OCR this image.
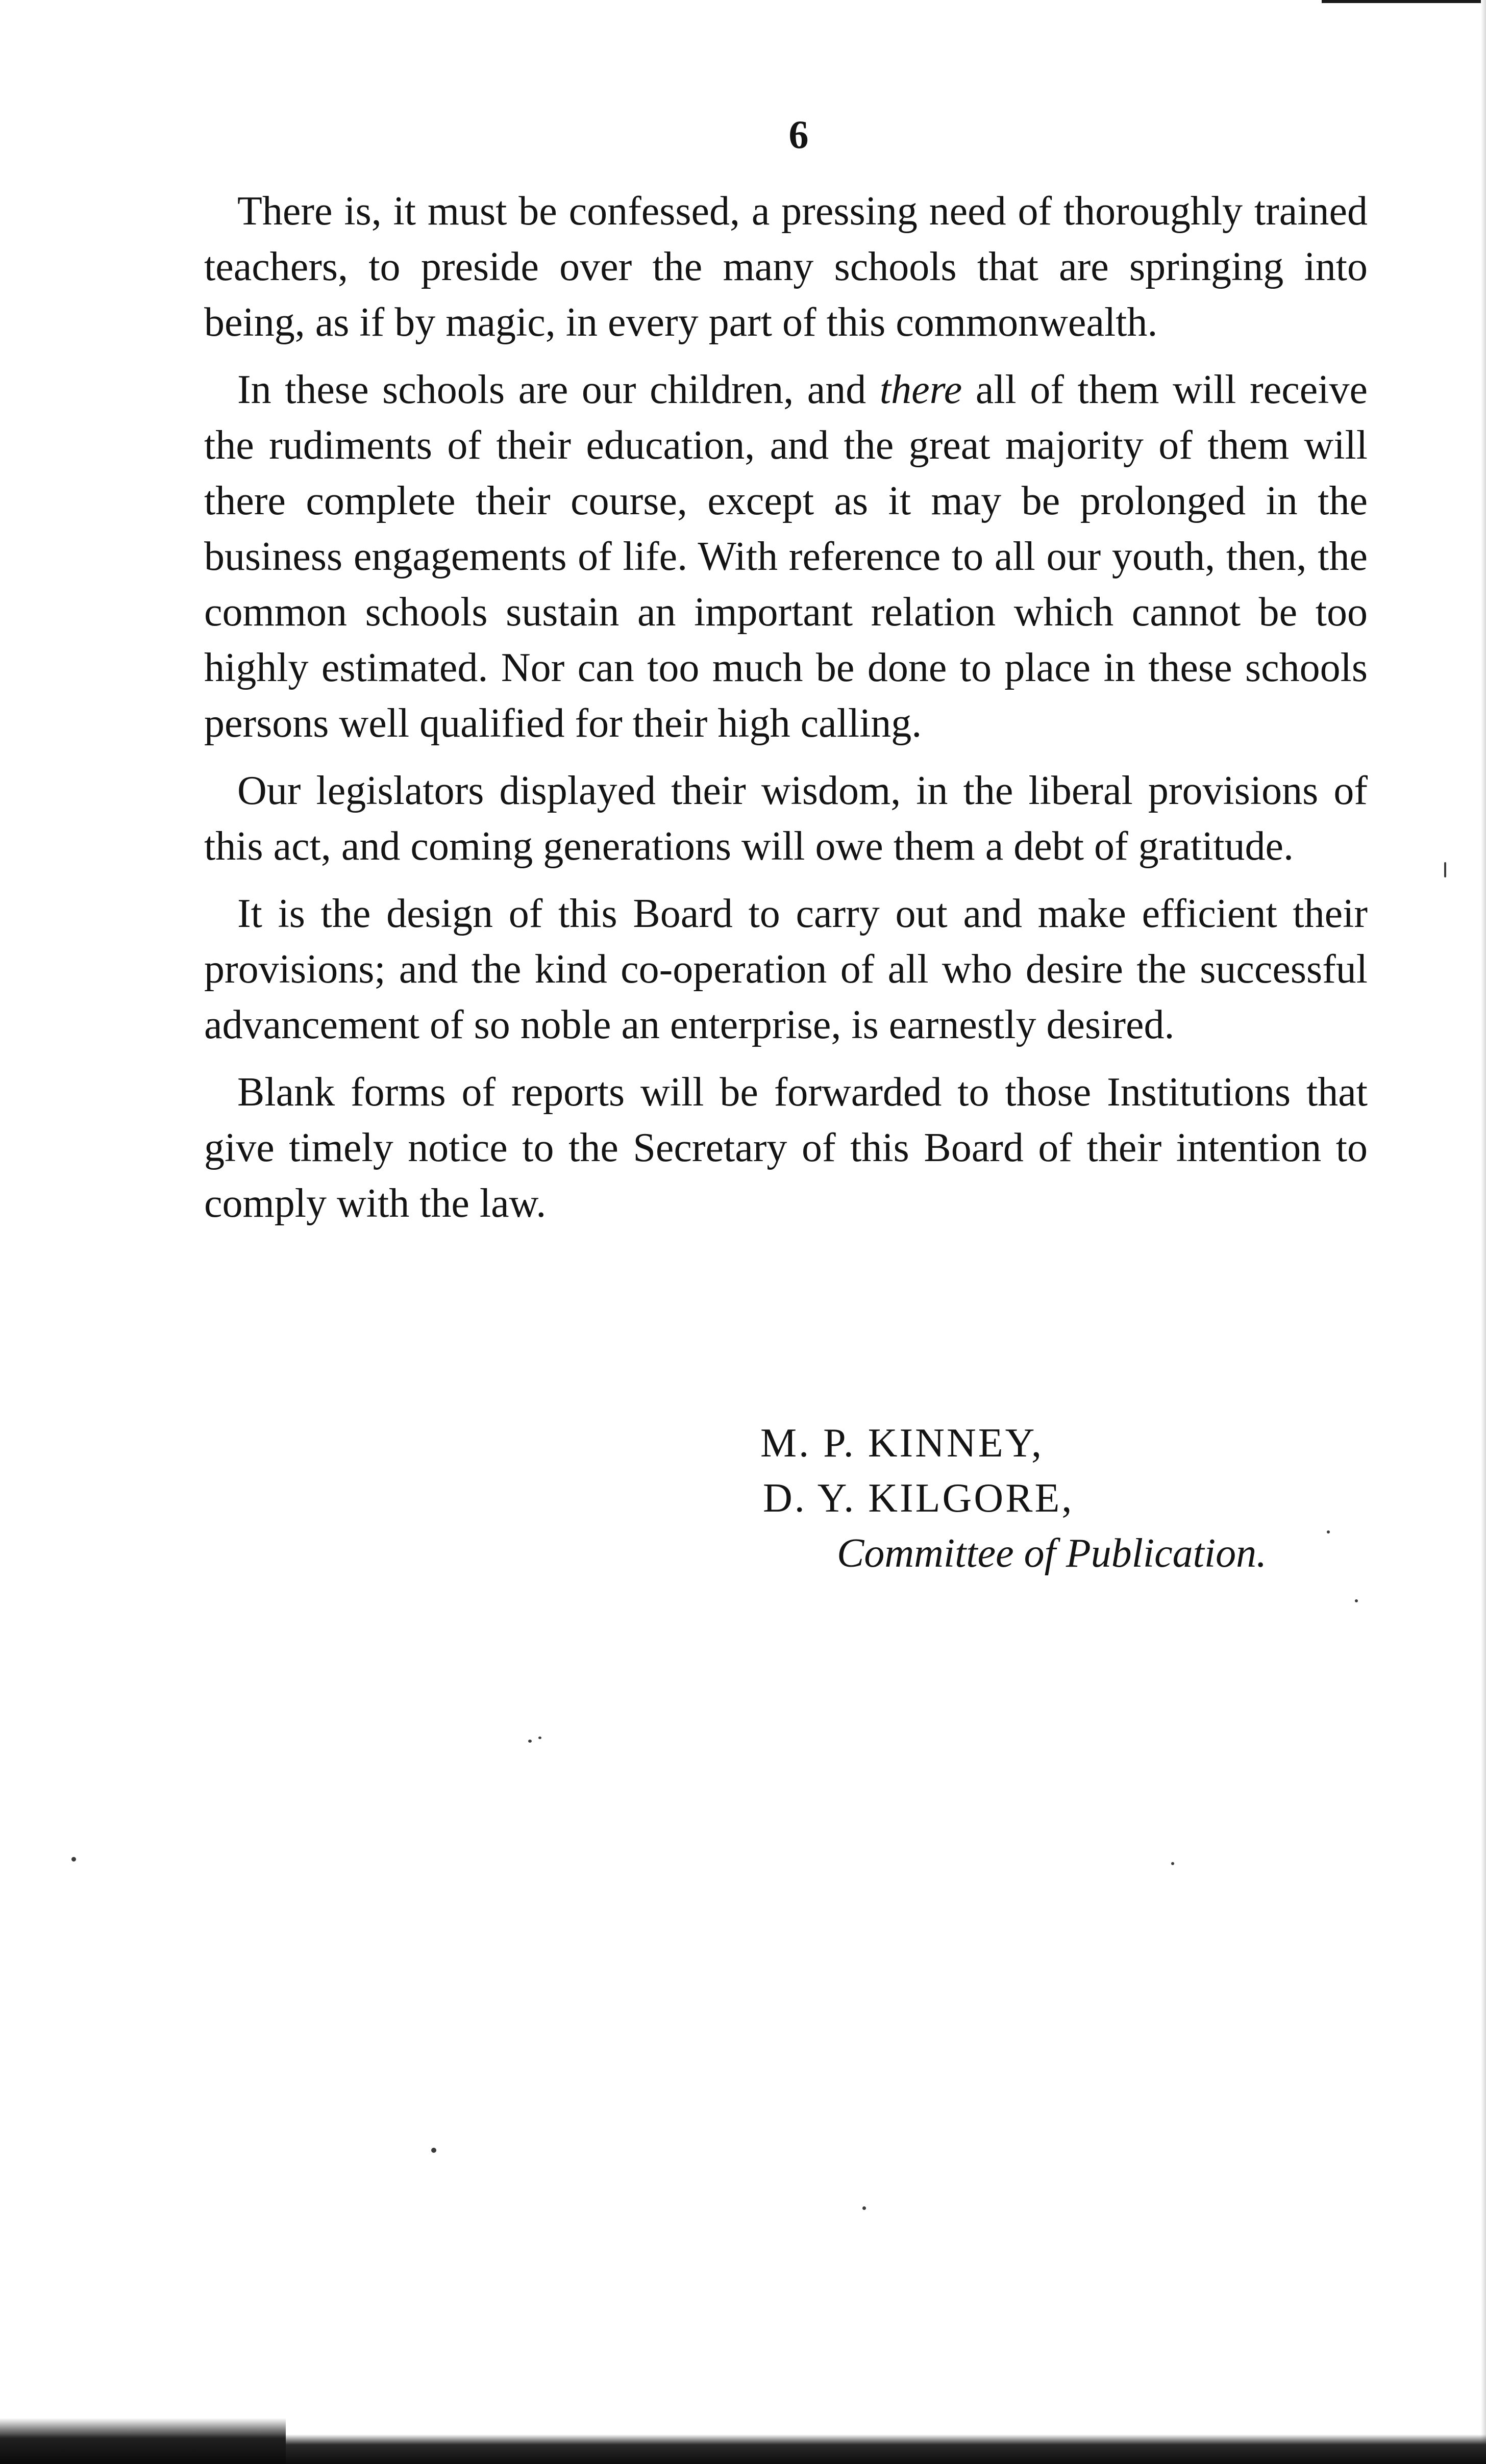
6

There is, it must be confessed, a pressing need of thoroughly trained teachers, to preside over the many schools that are springing into being, as if by magic, in every part of this commonwealth.

In these schools are our children, and there all of them will receive the rudiments of their education, and the great majority of them will there complete their course, except as it may be prolonged in the business engagements of life. With reference to all our youth, then, the common schools sustain an important relation which cannot be too highly estimated. Nor can too much be done to place in these schools persons well qualified for their high calling.

Our legislators displayed their wisdom, in the liberal provisions of this act, and coming generations will owe them a debt of gratitude.

It is the design of this Board to carry out and make efficient their provisions; and the kind co-operation of all who desire the successful advancement of so noble an enterprise, is earnestly desired.

Blank forms of reports will be forwarded to those Institutions that give timely notice to the Secretary of this Board of their intention to comply with the law.

M. P. KINNEY,
D. Y. KILGORE,
Committee of Publication.
